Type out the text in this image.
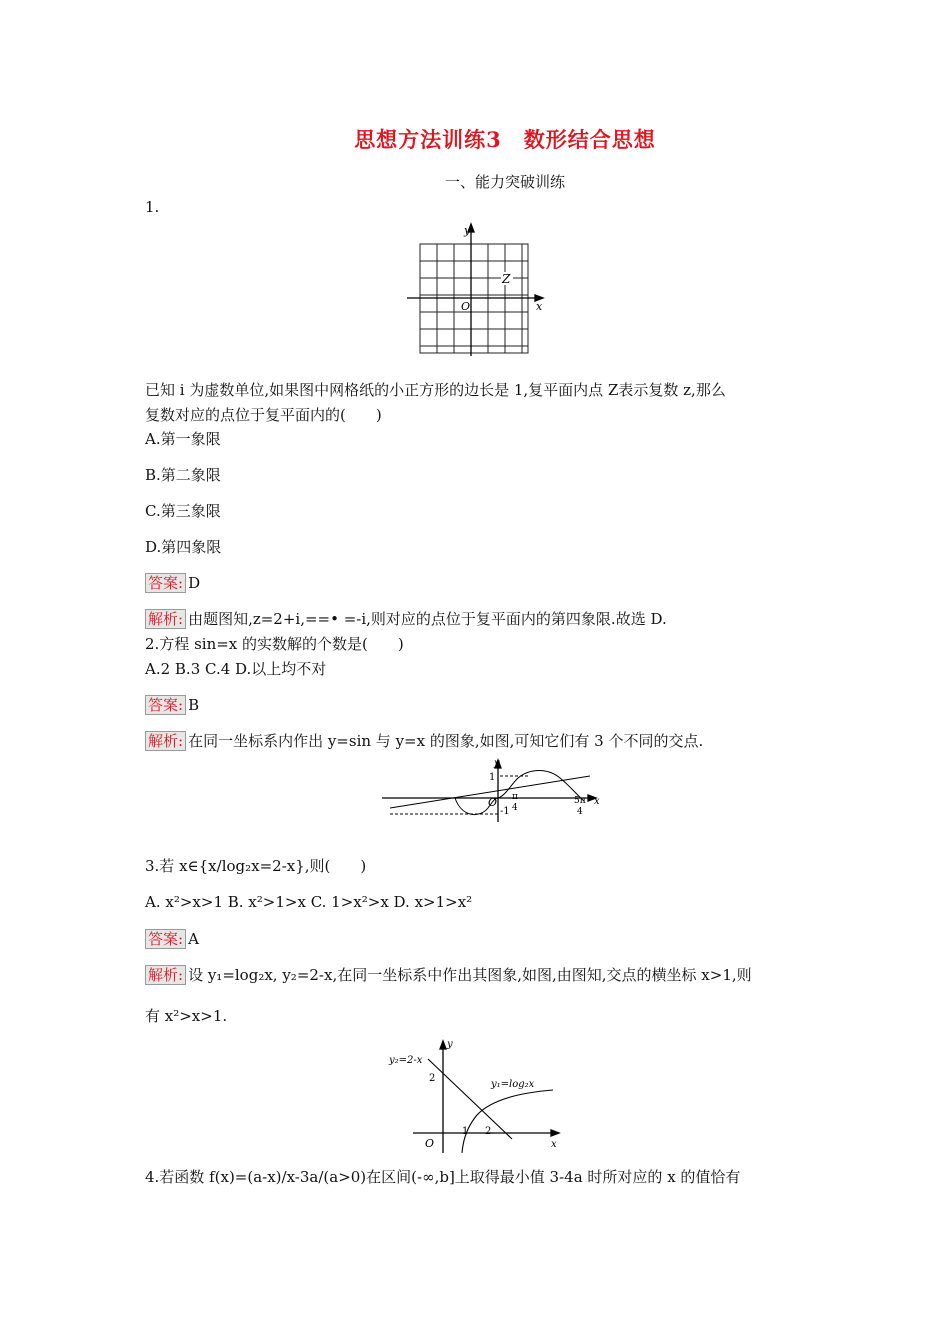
思想方法训练3　数形结合思想
一、能力突破训练
1.
y
x
O
Z
已知 i 为虚数单位,如果图中网格纸的小正方形的边长是 1,复平面内点 Z表示复数 z,那么
复数对应的点位于复平面内的(　　)
A.第一象限
B.第二象限
C.第三象限
D.第四象限
答案: D
解析: 由题图知,z=2+i,==• =-i,则对应的点位于复平面内的第四象限.故选 D.
2.方程 sin=x 的实数解的个数是(　　)
A.2 B.3 C.4 D.以上均不对
答案: B
解析: 在同一坐标系内作出 y=sin 与 y=x 的图象,如图,可知它们有 3 个不同的交点.
y
x
O
1
-1
π
4
5π
4
3.若 x∈{x/log₂x=2-x},则(　　)
A. x²>x>1 B. x²>1>x C. 1>x²>x D. x>1>x²
答案: A
解析: 设 y₁=log₂x, y₂=2-x,在同一坐标系中作出其图象,如图,由图知,交点的横坐标 x>1,则
有 x²>x>1.
y
x
O
y₂=2-x
y₁=log₂x
2
1 2
4.若函数 f(x)=(a-x)/x-3a/(a>0)在区间(-∞,b]上取得最小值 3-4a 时所对应的 x 的值恰有
